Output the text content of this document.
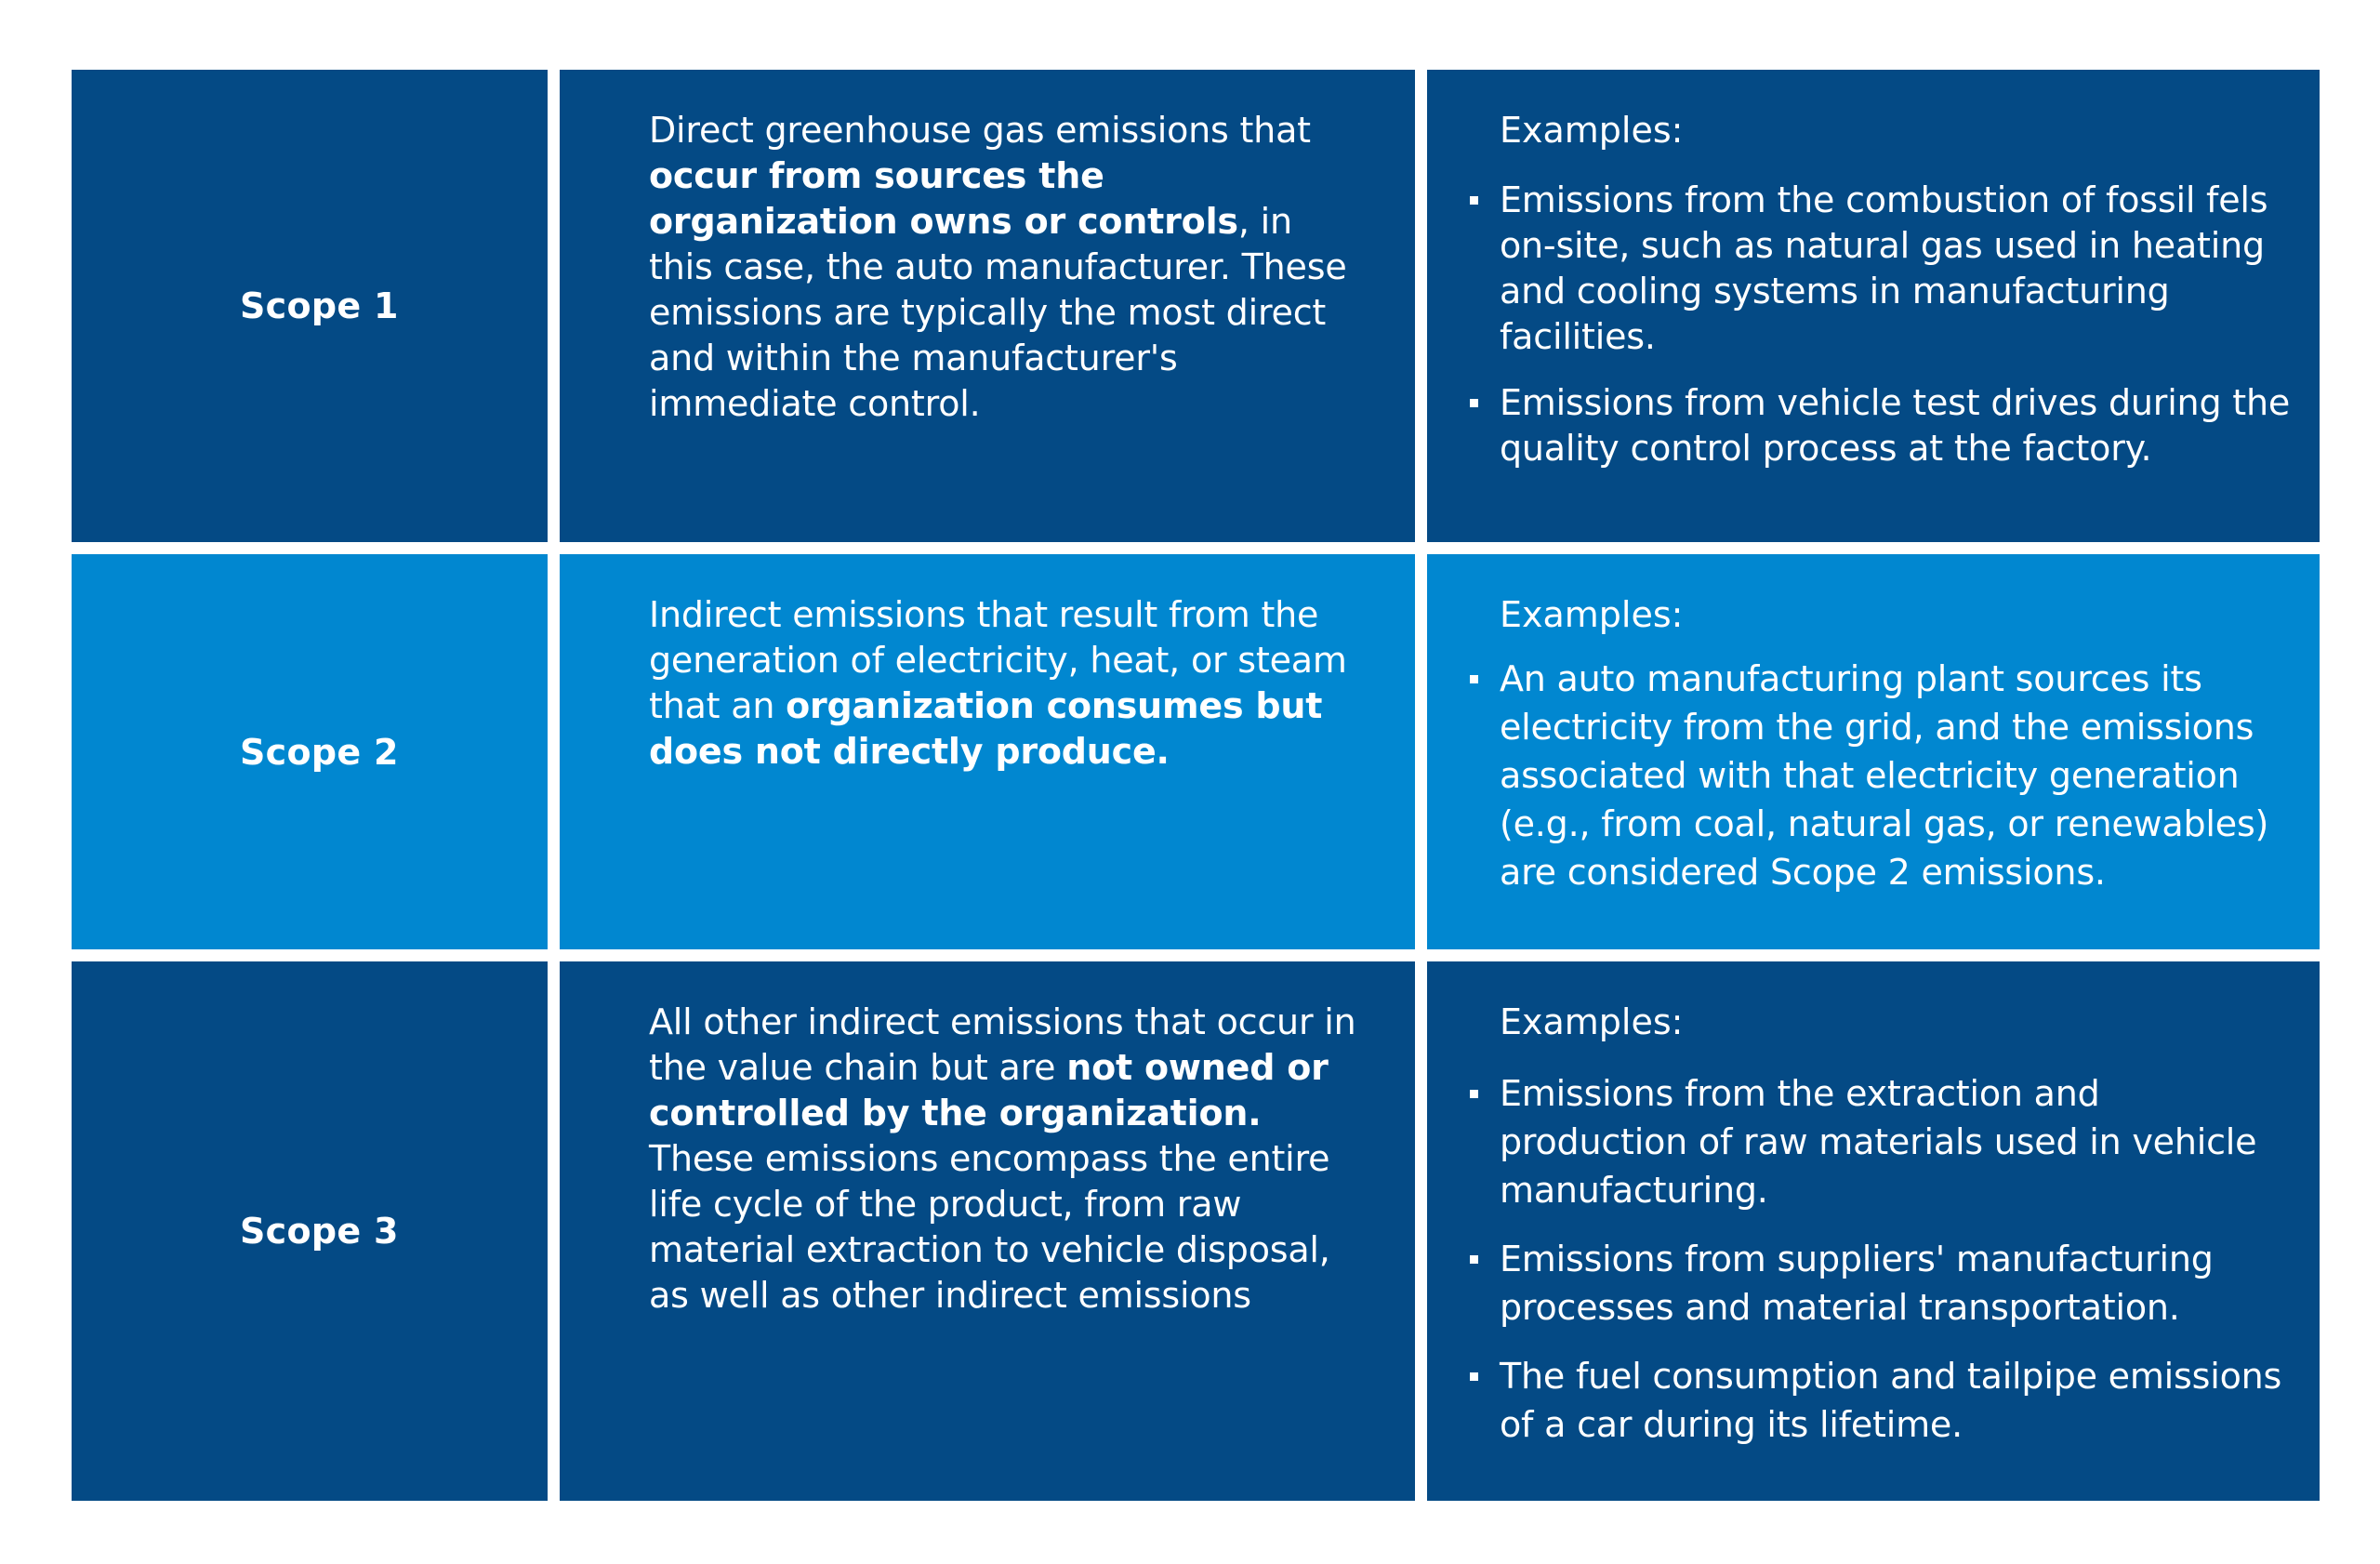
Scope 1

Direct greenhouse gas emissions that occur from sources the organization owns or controls, in this case, the auto manufacturer. These emissions are typically the most direct and within the manufacturer's immediate control.

Examples:

Emissions from the combustion of fossil fels on-site, such as natural gas used in heating and cooling systems in manufacturing facilities.
Emissions from vehicle test drives during the quality control process at the factory.
Scope 2

Indirect emissions that result from the generation of electricity, heat, or steam that an organization consumes but does not directly produce.

Examples:

An auto manufacturing plant sources its electricity from the grid, and the emissions associated with that electricity generation (e.g., from coal, natural gas, or renewables) are considered Scope 2 emissions.
Scope 3

All other indirect emissions that occur in the value chain but are not owned or controlled by the organization. These emissions encompass the entire life cycle of the product, from raw material extraction to vehicle disposal, as well as other indirect emissions

Examples:

Emissions from the extraction and production of raw materials used in vehicle manufacturing.
Emissions from suppliers' manufacturing processes and material transportation.
The fuel consumption and tailpipe emissions of a car during its lifetime.
